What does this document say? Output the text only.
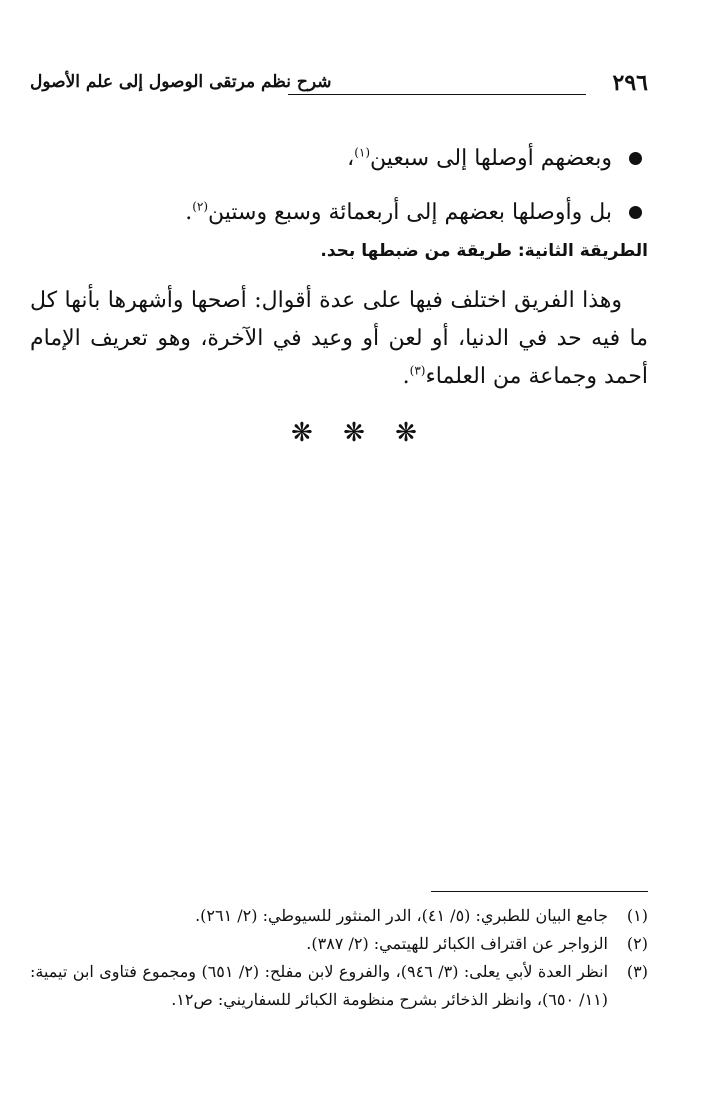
٢٩٦
شرح نظم مرتقى الوصول إلى علم الأصول
وبعضهم أوصلها إلى سبعين$^{(١)}$،
بل وأوصلها بعضهم إلى أربعمائة وسبع وستين$^{(٢)}$.
الطريقة الثانية: طريقة من ضبطها بحد.

وهذا الفريق اختلف فيها على عدة أقوال: أصحها وأشهرها بأنها كل ما فيه حد في الدنيا، أو لعن أو وعيد في الآخرة، وهو تعريف الإمام أحمد وجماعة من العلماء$^{(٣)}$.

❋ ❋ ❋
(١)
جامع البيان للطبري: (٥/ ٤١)، الدر المنثور للسيوطي: (٢/ ٢٦١).
(٢)
الزواجر عن اقتراف الكبائر للهيتمي: (٢/ ٣٨٧).
(٣)
انظر العدة لأبي يعلى: (٣/ ٩٤٦)، والفروع لابن مفلح: (٢/ ٦٥١) ومجموع فتاوى ابن تيمية: (١١/ ٦٥٠)، وانظر الذخائر بشرح منظومة الكبائر للسفاريني: ص١٢.
